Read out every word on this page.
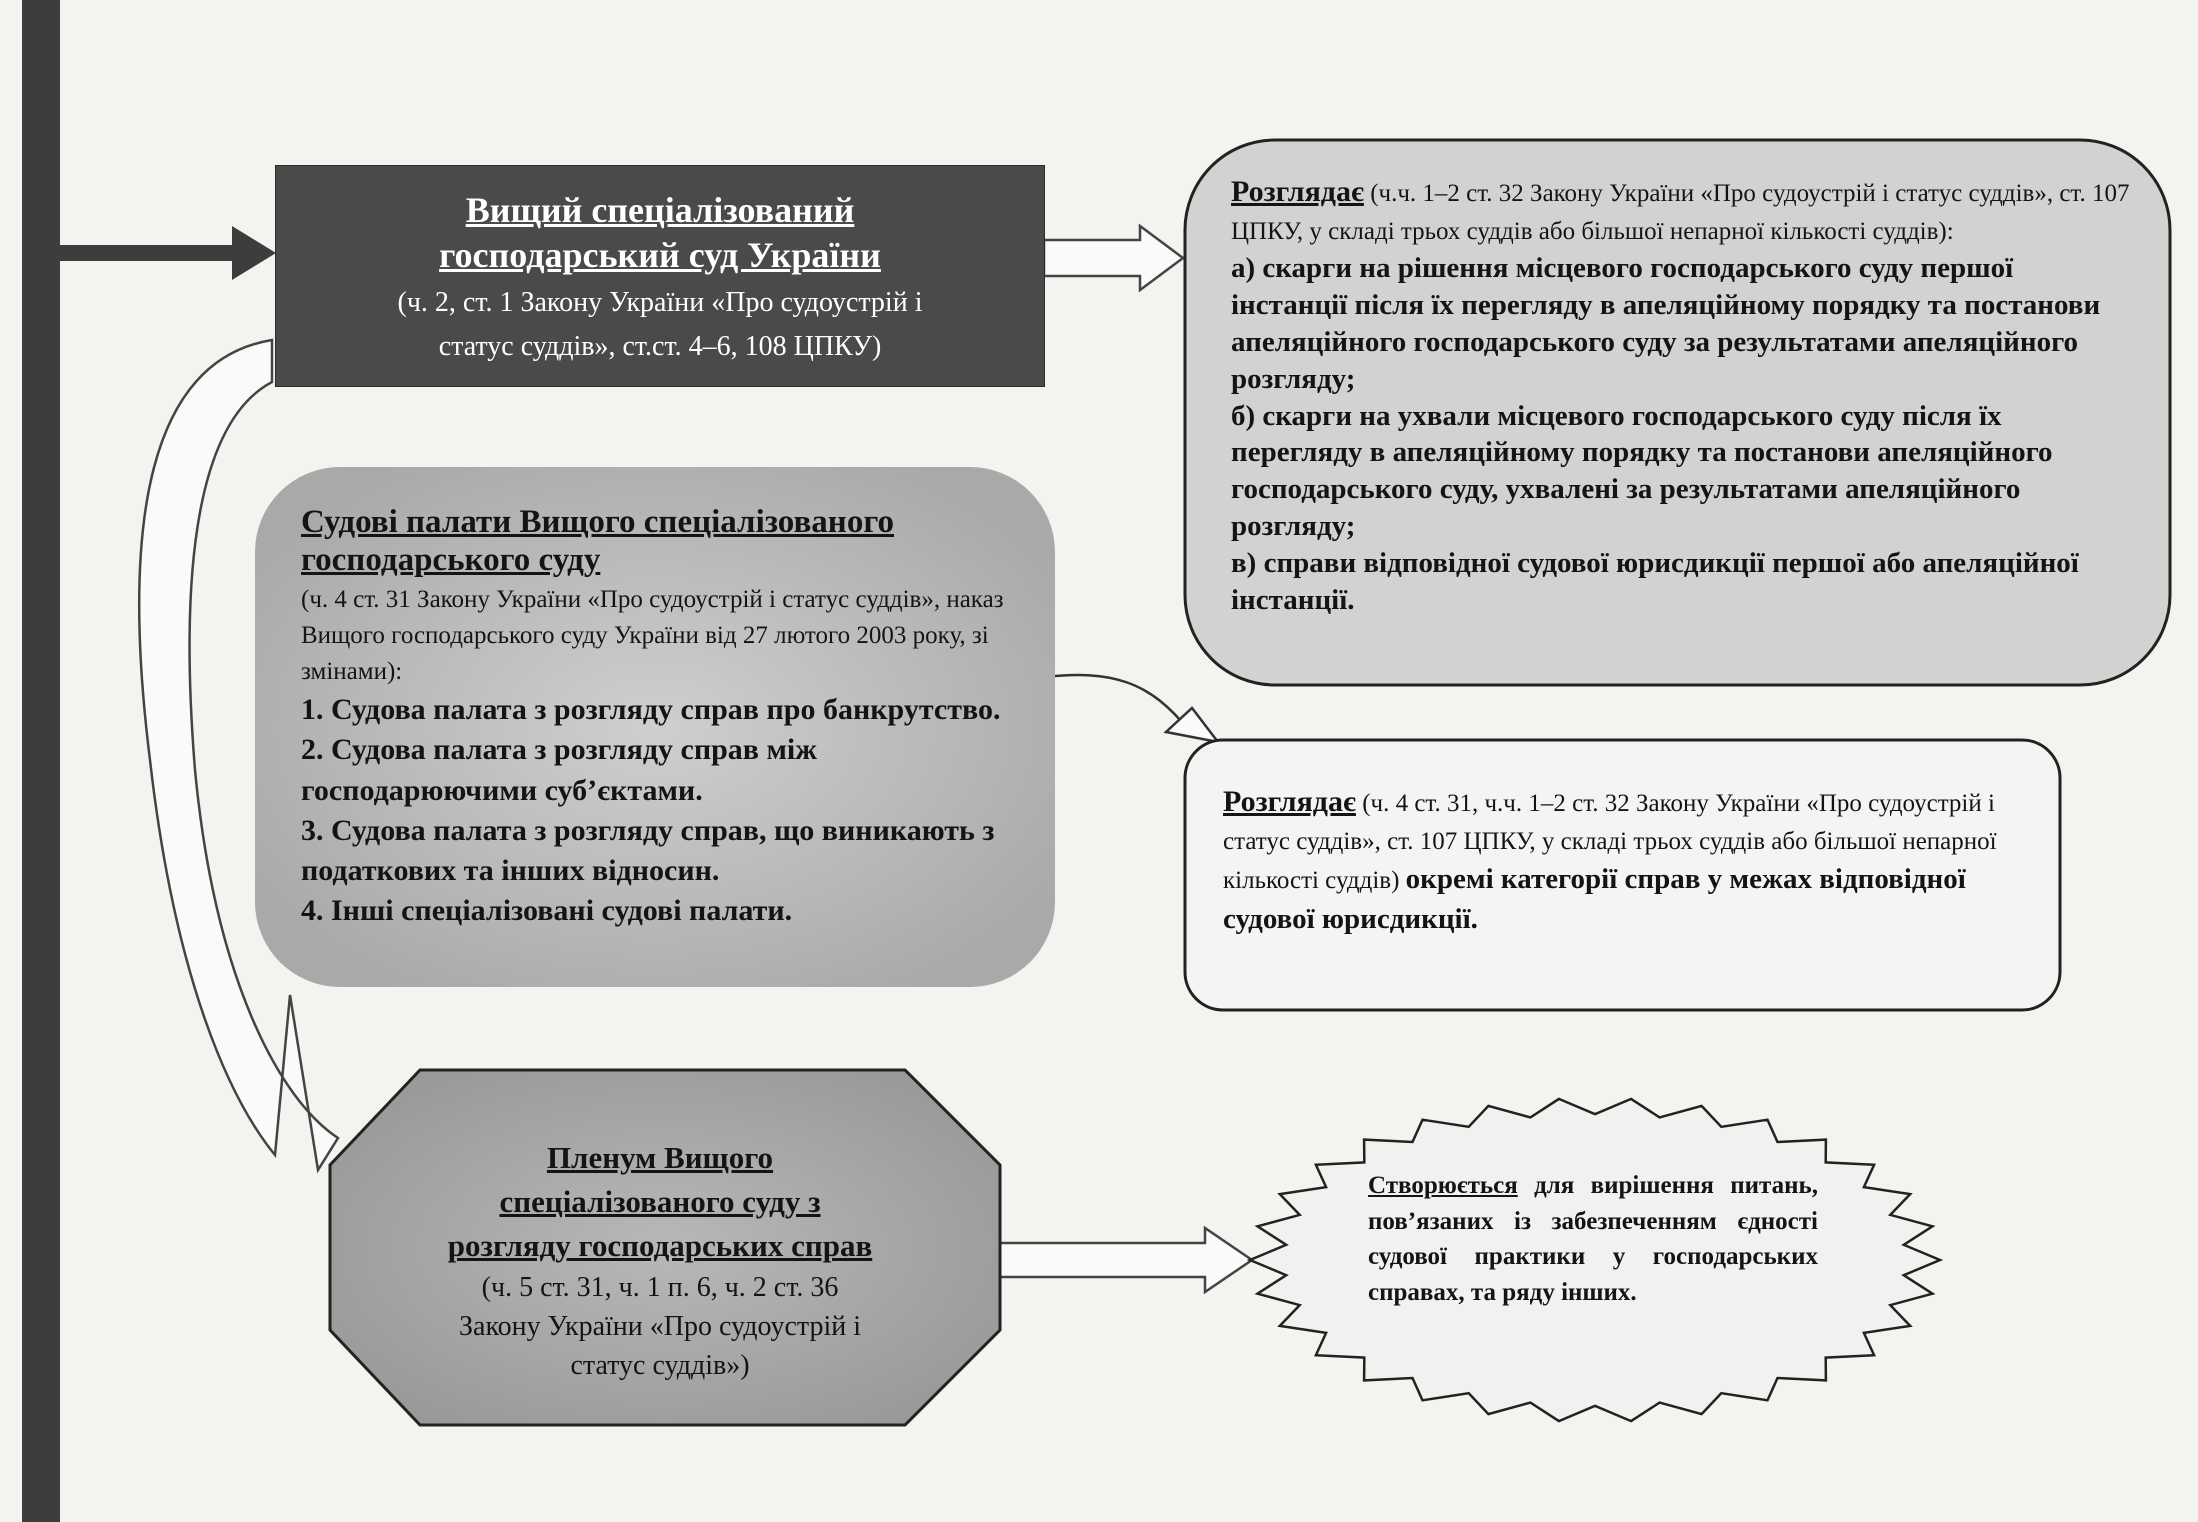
Вищий спеціалізований
господарський суд України
(ч. 2, ст. 1 Закону України «Про судоустрій і
статус суддів», ст.ст. 4–6, 108 ЦПКУ)
Судові палати Вищого спеціалізованого господарського суду
(ч. 4 ст. 31 Закону України «Про судоустрій і статус суддів», наказ Вищого господарського суду України від 27 лютого 2003 року, зі змінами):
1. Судова палата з розгляду справ про банкрутство.
2. Судова палата з розгляду справ між господарюючими суб’єктами.
3. Судова палата з розгляду справ, що виникають з податкових та інших відносин.
4. Інші спеціалізовані судові палати.
Розглядає (ч.ч. 1–2 ст. 32 Закону України «Про судоустрій і статус суддів», ст. 107 ЦПКУ, у складі трьох суддів або більшої непарної кількості суддів):
а) скарги на рішення місцевого господарського суду першої інстанції після їх перегляду в апеляційному порядку та постанови апеляційного господарського суду за результатами апеляційного розгляду;
б) скарги на ухвали місцевого господарського суду після їх перегляду в апеляційному порядку та постанови апеляційного господарського суду, ухвалені за результатами апеляційного розгляду;
в) справи відповідної судової юрисдикції першої або апеляційної інстанції.
Розглядає (ч. 4 ст. 31, ч.ч. 1–2 ст. 32 Закону України «Про судоустрій і статус суддів», ст. 107 ЦПКУ, у складі трьох суддів або більшої непарної кількості суддів) окремі категорії справ у межах відповідної судової юрисдикції.
Пленум Вищого
спеціалізованого суду з
розгляду господарських справ
(ч. 5 ст. 31, ч. 1 п. 6, ч. 2 ст. 36
Закону України «Про судоустрій і
статус суддів»)
Створюється для вирішення питань, пов’язаних із забезпеченням єдності судової практики у господарських справах, та ряду інших.
